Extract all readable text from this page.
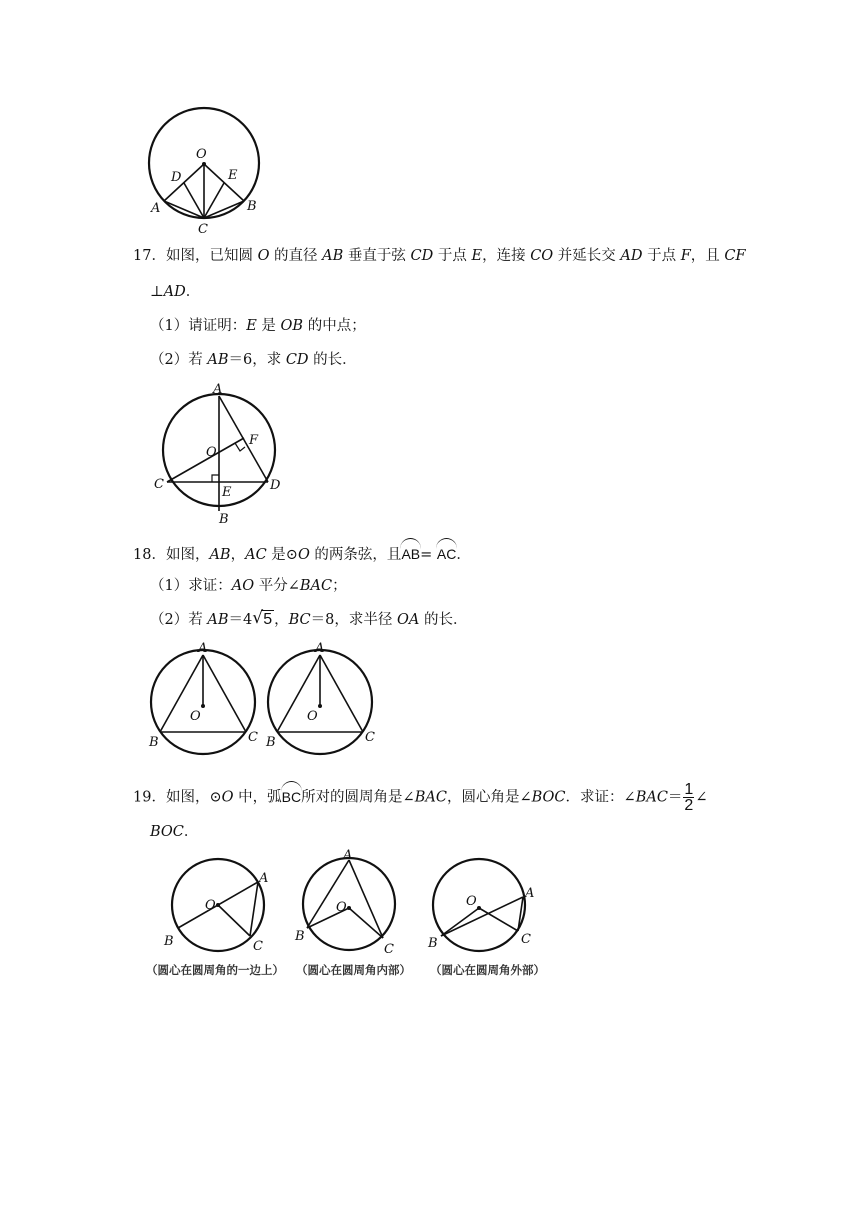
O
D	E
A
C
B
17．如图，已知圆 O 的直径 AB 垂直于弦 CD 于点 E，连接 CO 并延长交 AD 于点 F，且 CF
⊥AD．
（1）请证明：E 是 OB 的中点；
（2）若 AB＝6，求 CD 的长．
A
F
O
C
E	D
B
18．如图，AB，AC 是⊙O 的两条弦，且AB= AC．
（1）求证：AO 平分∠BAC；
（2）若 AB＝4√ 5 ，BC＝8，求半径 OA 的长．
A
O
B	C
A
O
B	C
19．如图，⊙O 中，弧BC所对的圆周角是∠BAC，圆心角是∠BOC．求证：∠BAC＝ $\frac{1}{2}$ ∠
BOC．
A
O
B	C
A
O
B
C
A
O
B	C
（圆心在圆周角的一边上） （圆心在圆周角内部） （圆心在圆周角外部）
